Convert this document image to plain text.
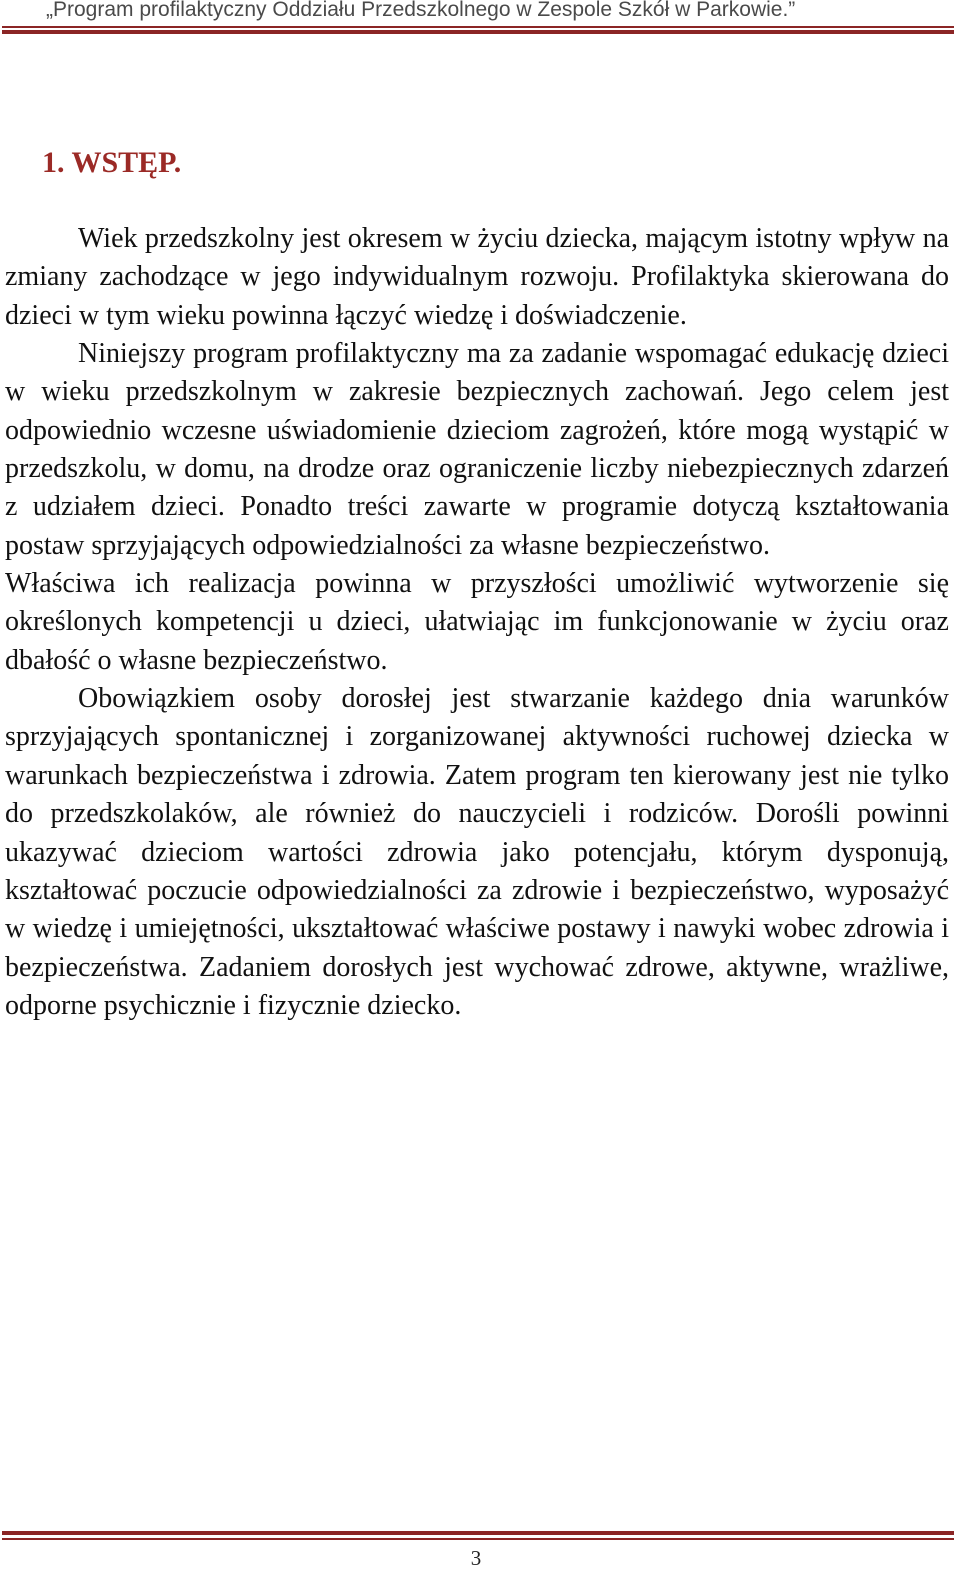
„Program profilaktyczny Oddziału Przedszkolnego w Zespole Szkół w Parkowie.”
1. WSTĘP.

Wiek przedszkolny jest okresem w życiu dziecka, mającym istotny wpływ na zmiany zachodzące w jego indywidualnym rozwoju. Profilaktyka skierowana do dzieci w tym wieku powinna łączyć wiedzę i doświadczenie.

Niniejszy program profilaktyczny ma za zadanie wspomagać edukację dzieci w wieku przedszkolnym w zakresie bezpiecznych zachowań. Jego celem jest odpowiednio wczesne uświadomienie dzieciom zagrożeń, które mogą wystąpić w przedszkolu, w domu, na drodze oraz ograniczenie liczby niebezpiecznych zdarzeń z udziałem dzieci. Ponadto treści zawarte w programie dotyczą kształtowania postaw sprzyjających odpowiedzialności za własne bezpieczeństwo.

Właściwa ich realizacja powinna w przyszłości umożliwić wytworzenie się określonych kompetencji u dzieci, ułatwiając im funkcjonowanie w życiu oraz dbałość o własne bezpieczeństwo.

Obowiązkiem osoby dorosłej jest stwarzanie każdego dnia warunków sprzyjających spontanicznej i zorganizowanej aktywności ruchowej dziecka w warunkach bezpieczeństwa i zdrowia. Zatem program ten kierowany jest nie tylko do przedszkolaków, ale również do nauczycieli i rodziców. Dorośli powinni ukazywać dzieciom wartości zdrowia jako potencjału, którym dysponują, kształtować poczucie odpowiedzialności za zdrowie i bezpieczeństwo, wyposażyć w wiedzę i umiejętności, ukształtować właściwe postawy i nawyki wobec zdrowia i bezpieczeństwa. Zadaniem dorosłych jest wychować zdrowe, aktywne, wrażliwe, odporne psychicznie i fizycznie dziecko.

3
